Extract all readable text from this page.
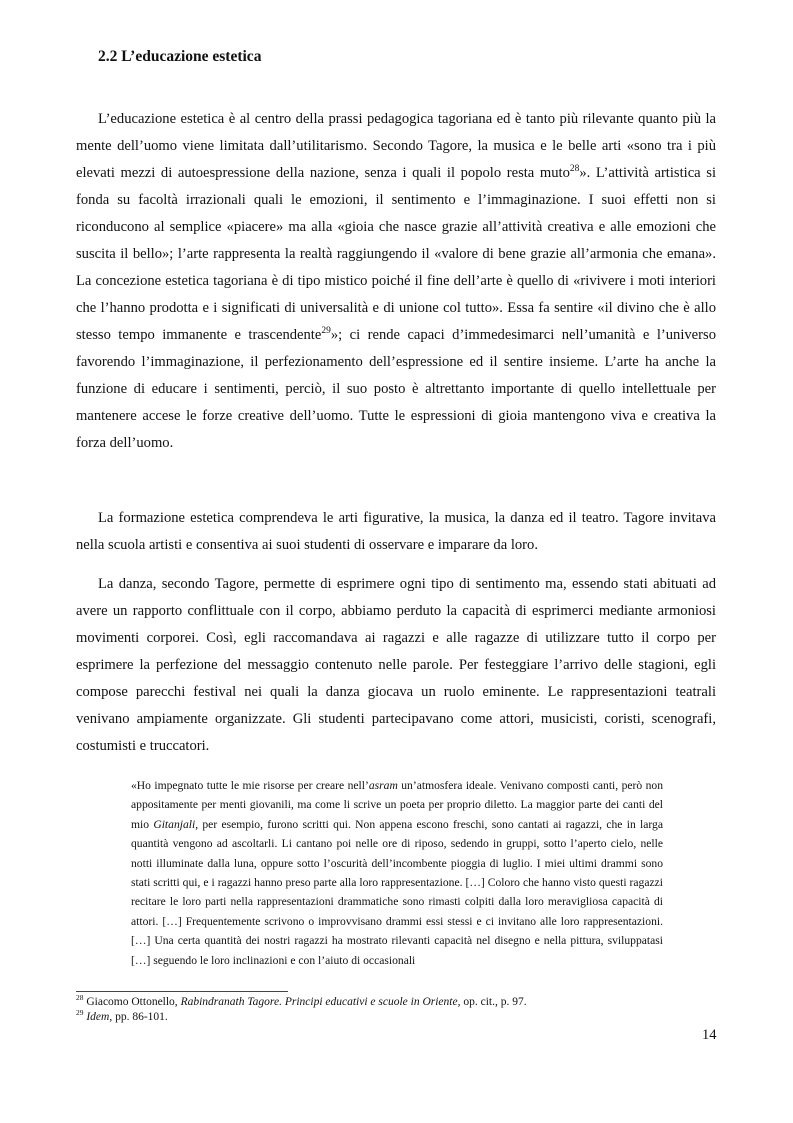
2.2 L’educazione estetica

L’educazione estetica è al centro della prassi pedagogica tagoriana ed è tanto più rilevante quanto più la mente dell’uomo viene limitata dall’utilitarismo. Secondo Tagore, la musica e le belle arti «sono tra i più elevati mezzi di autoespressione della nazione, senza i quali il popolo resta muto$^{28}$». L’attività artistica si fonda su facoltà irrazionali quali le emozioni, il sentimento e l’immaginazione. I suoi effetti non si riconducono al semplice «piacere» ma alla «gioia che nasce grazie all’attività creativa e alle emozioni che suscita il bello»; l’arte rappresenta la realtà raggiungendo il «valore di bene grazie all’armonia che emana». La concezione estetica tagoriana è di tipo mistico poiché il fine dell’arte è quello di «rivivere i moti interiori che l’hanno prodotta e i significati di universalità e di unione col tutto». Essa fa sentire «il divino che è allo stesso tempo immanente e trascendente$^{29}$»; ci rende capaci d’immedesimarci nell’umanità e l’universo favorendo l’immaginazione, il perfezionamento dell’espressione ed il sentire insieme. L’arte ha anche la funzione di educare i sentimenti, perciò, il suo posto è altrettanto importante di quello intellettuale per mantenere accese le forze creative dell’uomo. Tutte le espressioni di gioia mantengono viva e creativa la forza dell’uomo.

La formazione estetica comprendeva le arti figurative, la musica, la danza ed il teatro. Tagore invitava nella scuola artisti e consentiva ai suoi studenti di osservare e imparare da loro.

La danza, secondo Tagore, permette di esprimere ogni tipo di sentimento ma, essendo stati abituati ad avere un rapporto conflittuale con il corpo, abbiamo perduto la capacità di esprimerci mediante armoniosi movimenti corporei. Così, egli raccomandava ai ragazzi e alle ragazze di utilizzare tutto il corpo per esprimere la perfezione del messaggio contenuto nelle parole. Per festeggiare l’arrivo delle stagioni, egli compose parecchi festival nei quali la danza giocava un ruolo eminente. Le rappresentazioni teatrali venivano ampiamente organizzate. Gli studenti partecipavano come attori, musicisti, coristi, scenografi, costumisti e truccatori.

«Ho impegnato tutte le mie risorse per creare nell’asram un’atmosfera ideale. Venivano composti canti, però non appositamente per menti giovanili, ma come li scrive un poeta per proprio diletto. La maggior parte dei canti del mio Gitanjali, per esempio, furono scritti qui. Non appena escono freschi, sono cantati ai ragazzi, che in larga quantità vengono ad ascoltarli. Li cantano poi nelle ore di riposo, sedendo in gruppi, sotto l’aperto cielo, nelle notti illuminate dalla luna, oppure sotto l’oscurità dell’incombente pioggia di luglio. I miei ultimi drammi sono stati scritti qui, e i ragazzi hanno preso parte alla loro rappresentazione. […] Coloro che hanno visto questi ragazzi recitare le loro parti nella rappresentazioni drammatiche sono rimasti colpiti dalla loro meravigliosa capacità di attori. […] Frequentemente scrivono o improvvisano drammi essi stessi e ci invitano alle loro rappresentazioni. […] Una certa quantità dei nostri ragazzi ha mostrato rilevanti capacità nel disegno e nella pittura, sviluppatasi […] seguendo le loro inclinazioni e con l’aiuto di occasionali

$^{28}$ Giacomo Ottonello, Rabindranath Tagore. Principi educativi e scuole in Oriente, op. cit., p. 97.

$^{29}$ Idem, pp. 86-101.

14
